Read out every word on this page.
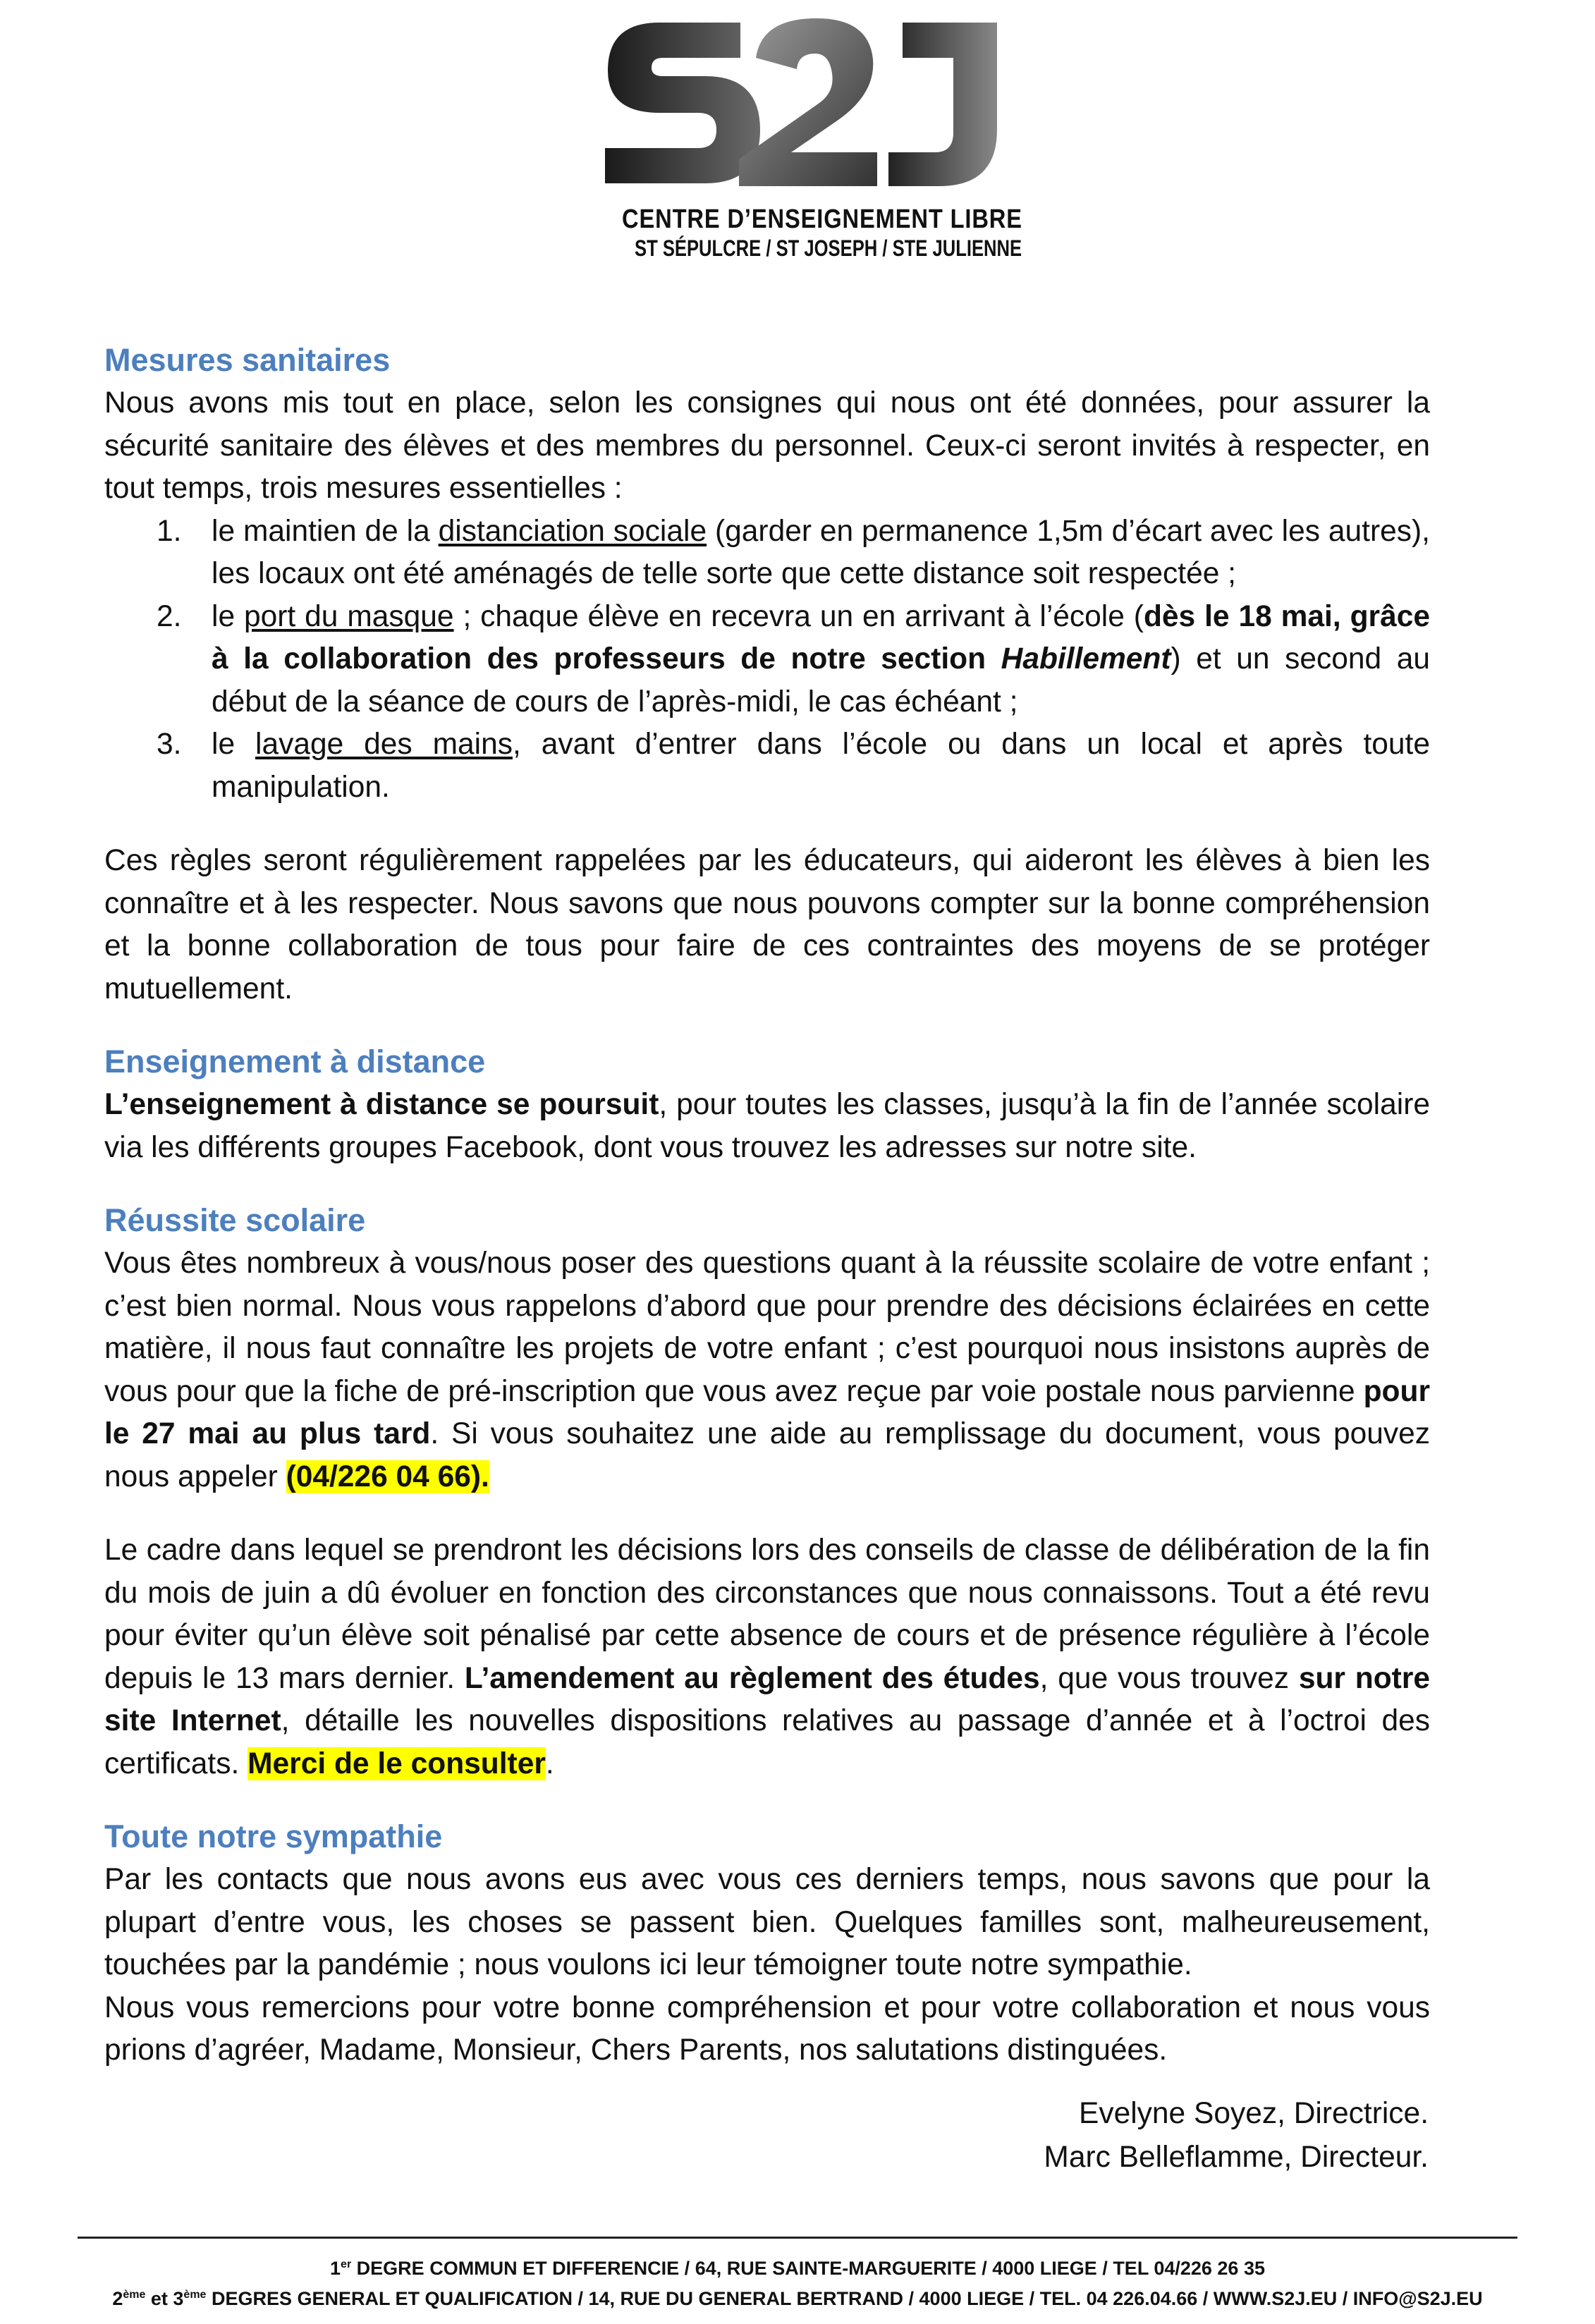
CENTRE D’ENSEIGNEMENT LIBRE
ST SÉPULCRE / ST JOSEPH / STE JULIENNE
Mesures sanitaires

Nous avons mis tout en place, selon les consignes qui nous ont été données, pour assurer la sécurité sanitaire des élèves et des membres du personnel. Ceux-ci seront invités à respecter, en tout temps, trois mesures essentielles :

1. le maintien de la distanciation sociale (garder en permanence 1,5m d’écart avec les autres), les locaux ont été aménagés de telle sorte que cette distance soit respectée ;
2. le port du masque ; chaque élève en recevra un en arrivant à l’école (dès le 18 mai, grâce à la collaboration des professeurs de notre section Habillement) et un second au début de la séance de cours de l’après-midi, le cas échéant ;
3. le lavage des mains, avant d’entrer dans l’école ou dans un local et après toute manipulation.

Ces règles seront régulièrement rappelées par les éducateurs, qui aideront les élèves à bien les connaître et à les respecter. Nous savons que nous pouvons compter sur la bonne compréhension et la bonne collaboration de tous pour faire de ces contraintes des moyens de se protéger mutuellement.

Enseignement à distance

L’enseignement à distance se poursuit, pour toutes les classes, jusqu’à la fin de l’année scolaire via les différents groupes Facebook, dont vous trouvez les adresses sur notre site.

Réussite scolaire

Vous êtes nombreux à vous/nous poser des questions quant à la réussite scolaire de votre enfant ; c’est bien normal. Nous vous rappelons d’abord que pour prendre des décisions éclairées en cette matière, il nous faut connaître les projets de votre enfant ; c’est pourquoi nous insistons auprès de vous pour que la fiche de pré-inscription que vous avez reçue par voie postale nous parvienne pour le 27 mai au plus tard. Si vous souhaitez une aide au remplissage du document, vous pouvez nous appeler (04/226 04 66).

Le cadre dans lequel se prendront les décisions lors des conseils de classe de délibération de la fin du mois de juin a dû évoluer en fonction des circonstances que nous connaissons. Tout a été revu pour éviter qu’un élève soit pénalisé par cette absence de cours et de présence régulière à l’école depuis le 13 mars dernier. L’amendement au règlement des études, que vous trouvez sur notre site Internet, détaille les nouvelles dispositions relatives au passage d’année et à l’octroi des certificats. Merci de le consulter.

Toute notre sympathie

Par les contacts que nous avons eus avec vous ces derniers temps, nous savons que pour la plupart d’entre vous, les choses se passent bien. Quelques familles sont, malheureusement, touchées par la pandémie ; nous voulons ici leur témoigner toute notre sympathie.

Nous vous remercions pour votre bonne compréhension et pour votre collaboration et nous vous prions d’agréer, Madame, Monsieur, Chers Parents, nos salutations distinguées.

Evelyne Soyez, Directrice.
Marc Belleflamme, Directeur.
1er DEGRE COMMUN ET DIFFERENCIE / 64, RUE SAINTE-MARGUERITE / 4000 LIEGE / TEL 04/226 26 35
2ème et 3ème DEGRES GENERAL ET QUALIFICATION / 14, RUE DU GENERAL BERTRAND / 4000 LIEGE / TEL. 04 226.04.66 / WWW.S2J.EU / INFO@S2J.EU
